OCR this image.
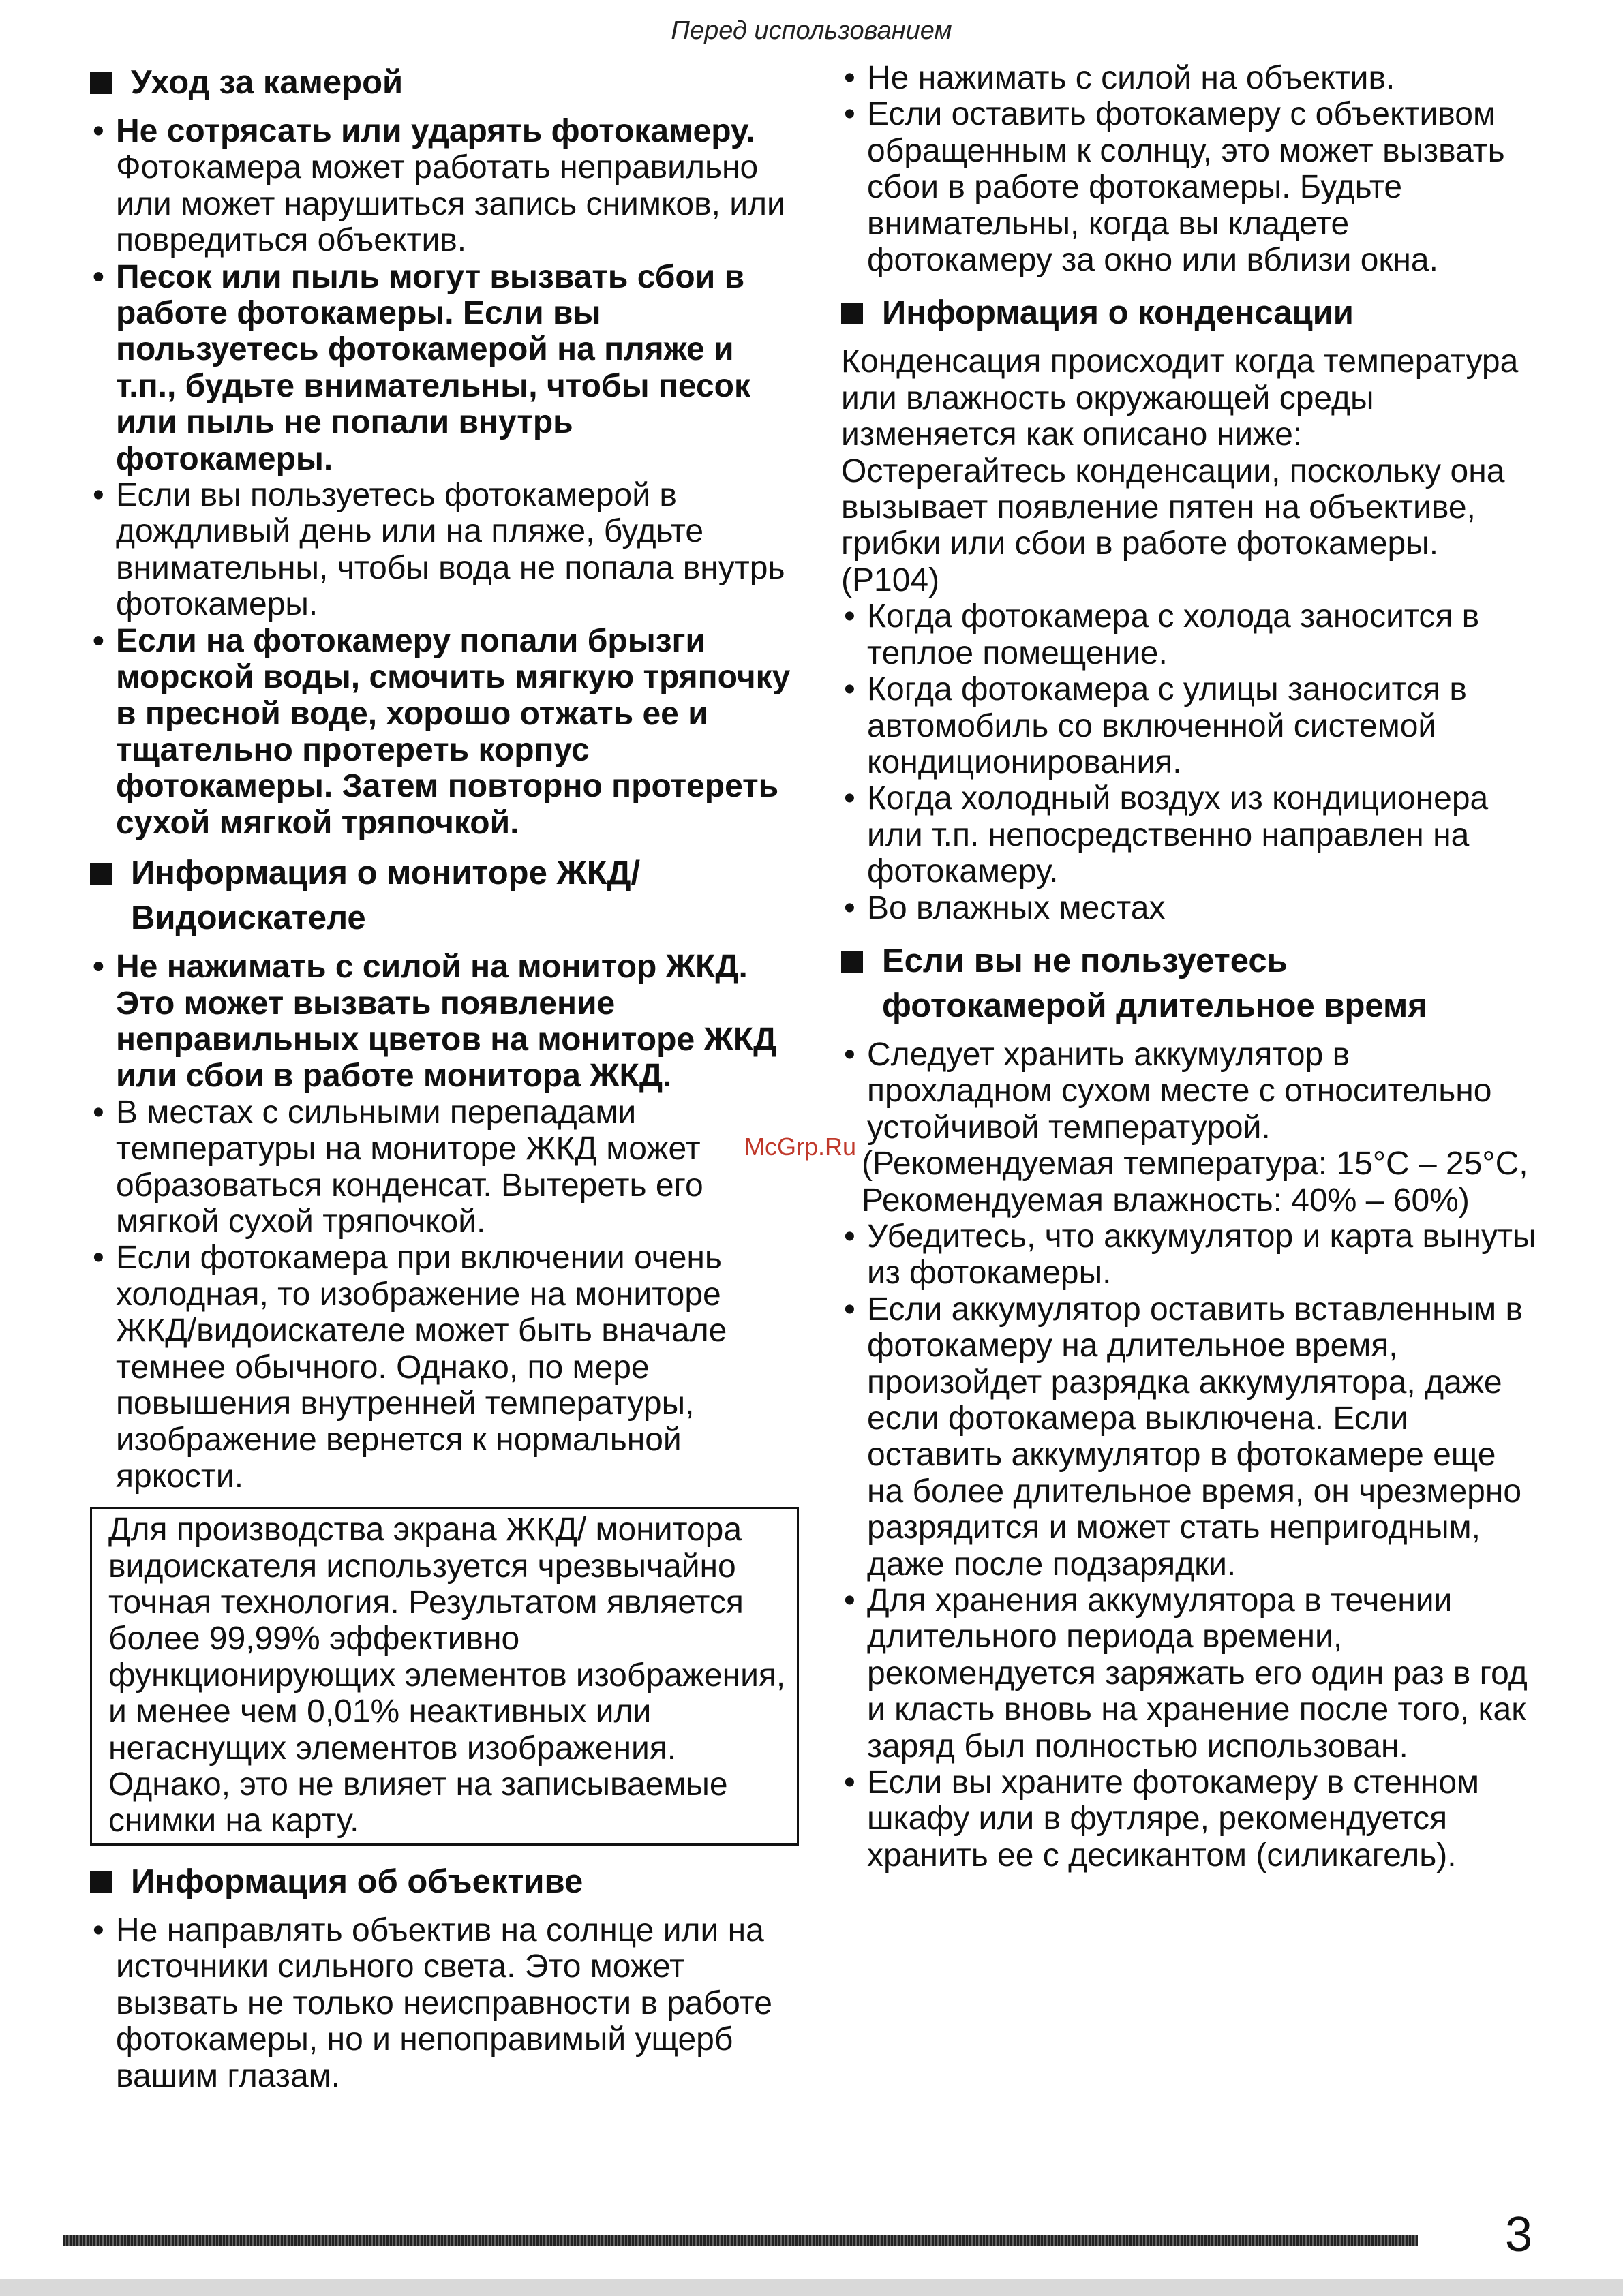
Перед использованием
Уход за камерой
• Не сотрясать или ударять фотокамеру. Фотокамера может работать неправильно или может нарушиться запись снимков, или повредиться объектив.
• Песок или пыль могут вызвать сбои в работе фотокамеры. Если вы пользуетесь фотокамерой на пляже и т.п., будьте внимательны, чтобы песок или пыль не попали внутрь фотокамеры.
• Если вы пользуетесь фотокамерой в дождливый день или на пляже, будьте внимательны, чтобы вода не попала внутрь фотокамеры.
• Если на фотокамеру попали брызги морской воды, смочить мягкую тряпочку в пресной воде, хорошо отжать ее и тщательно протереть корпус фотокамеры. Затем повторно протереть сухой мягкой тряпочкой.
Информация о мониторе ЖКД/
Видоискателе
• Не нажимать с силой на монитор ЖКД. Это может вызвать появление неправильных цветов на мониторе ЖКД или сбои в работе монитора ЖКД.
• В местах с сильными перепадами температуры на мониторе ЖКД может образоваться конденсат. Вытереть его мягкой сухой тряпочкой.
• Если фотокамера при включении очень холодная, то изображение на мониторе ЖКД/видоискателе может быть вначале темнее обычного. Однако, по мере повышения внутренней температуры, изображение вернется к нормальной яркости.

Для производства экрана ЖКД/ монитора видоискателя используется чрезвычайно точная технология. Результатом является более 99,99% эффективно функционирующих элементов изображения, и менее чем 0,01% неактивных или негаснущих элементов изображения. Однако, это не влияет на записываемые снимки на карту.

Информация об объективе
• Не направлять объектив на солнце или на источники сильного света. Это может вызвать не только неисправности в работе фотокамеры, но и непоправимый ущерб вашим глазам.
• Не нажимать с силой на объектив.
• Если оставить фотокамеру с объективом обращенным к солнцу, это может вызвать сбои в работе фотокамеры. Будьте внимательны, когда вы кладете фотокамеру за окно или вблизи окна.
Информация о конденсации

Конденсация происходит когда температура или влажность окружающей среды изменяется как описано ниже:

Остерегайтесь конденсации, поскольку она вызывает появление пятен на объективе, грибки или сбои в работе фотокамеры. (P104)

• Когда фотокамера с холода заносится в теплое помещение.
• Когда фотокамера с улицы заносится в автомобиль со включенной системой кондиционирования.
• Когда холодный воздух из кондиционера или т.п. непосредственно направлен на фотокамеру.
• Во влажных местах
Если вы не пользуетесь
фотокамерой длительное время
• Следует хранить аккумулятор в прохладном сухом месте с относительно устойчивой температурой.

(Рекомендуемая температура: 15°C – 25°C, Рекомендуемая влажность: 40% – 60%)

• Убедитесь, что аккумулятор и карта вынуты из фотокамеры.
• Если аккумулятор оставить вставленным в фотокамеру на длительное время, произойдет разрядка аккумулятора, даже если фотокамера выключена. Если оставить аккумулятор в фотокамере еще на более длительное время, он чрезмерно разрядится и может стать непригодным, даже после подзарядки.
• Для хранения аккумулятора в течении длительного периода времени, рекомендуется заряжать его один раз в год и класть вновь на хранение после того, как заряд был полностью использован.
• Если вы храните фотокамеру в стенном шкафу или в футляре, рекомендуется хранить ее с десикантом (силикагель).
McGrp.Ru
3
